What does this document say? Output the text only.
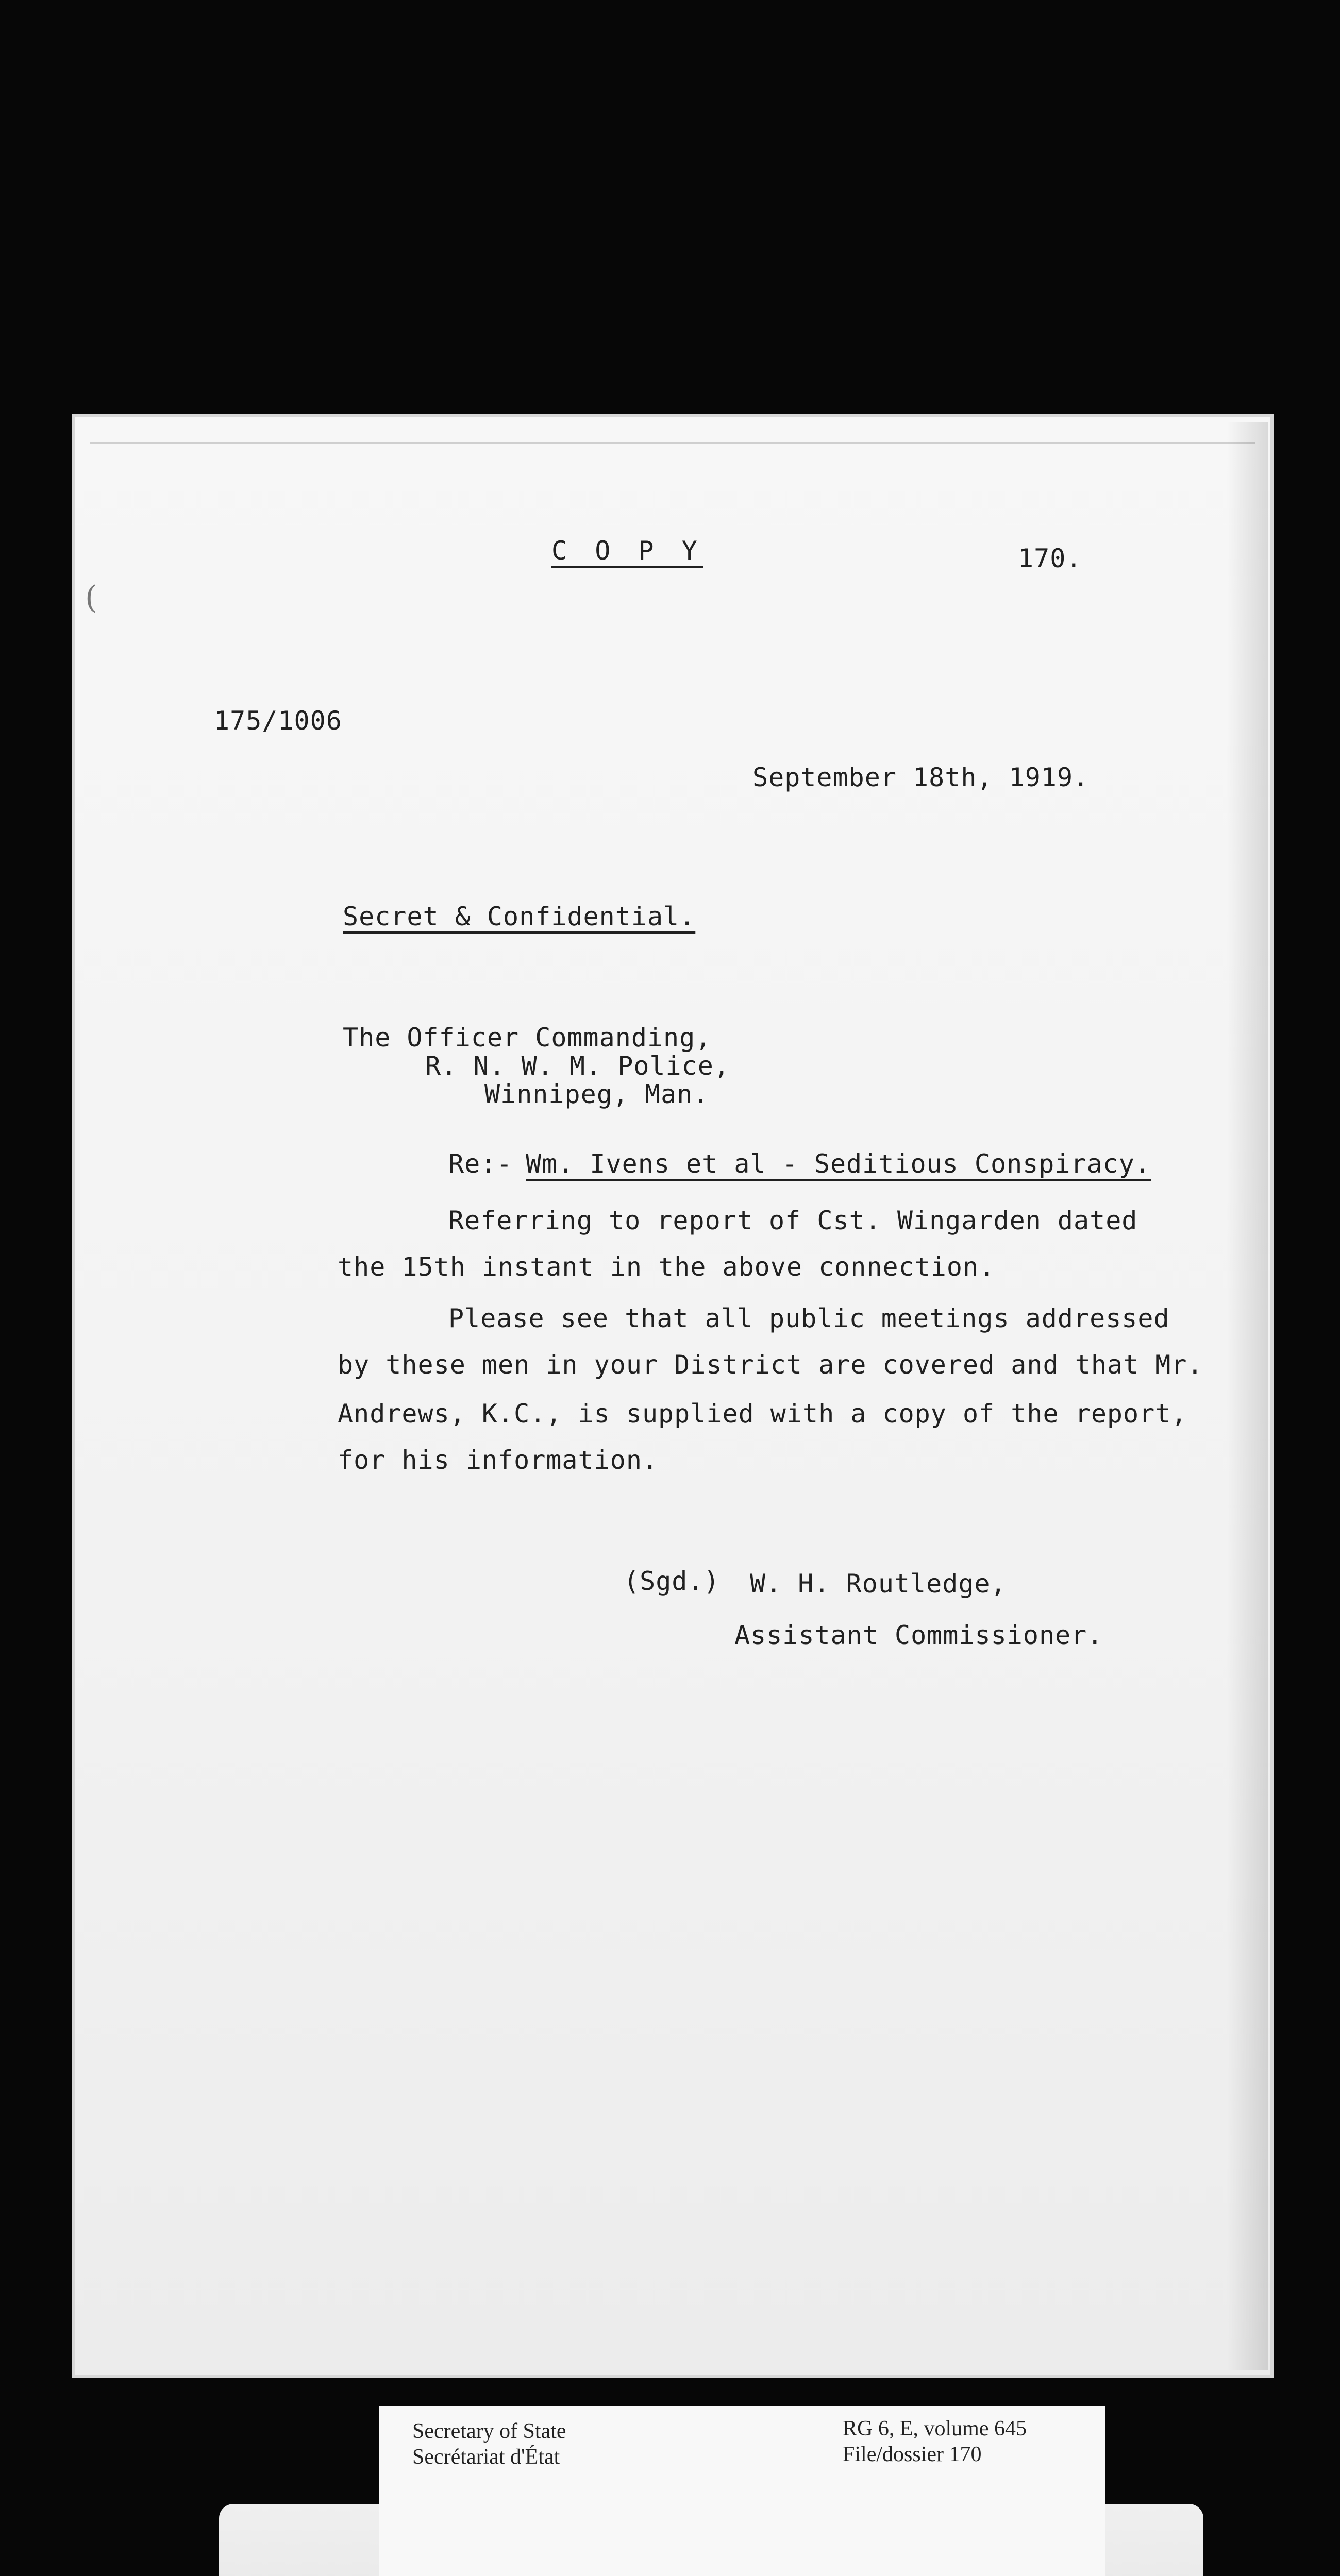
(

C O P Y	170.

175/1006

September 18th, 1919.

Secret & Confidential.

The Officer Commanding,

R. N. W. M. Police,

Winnipeg, Man.

Re:- Wm. Ivens et al - Seditious Conspiracy.

Referring to report of Cst. Wingarden dated

the 15th instant in the above connection.

Please see that all public meetings addressed

by these men in your District are covered and that Mr.

Andrews, K.C., is supplied with a copy of the report,

for his information.

(Sgd.) W. H. Routledge,

Assistant Commissioner.

Secretary of State

Secrétariat d'État

RG 6, E, volume 645

File/dossier 170
